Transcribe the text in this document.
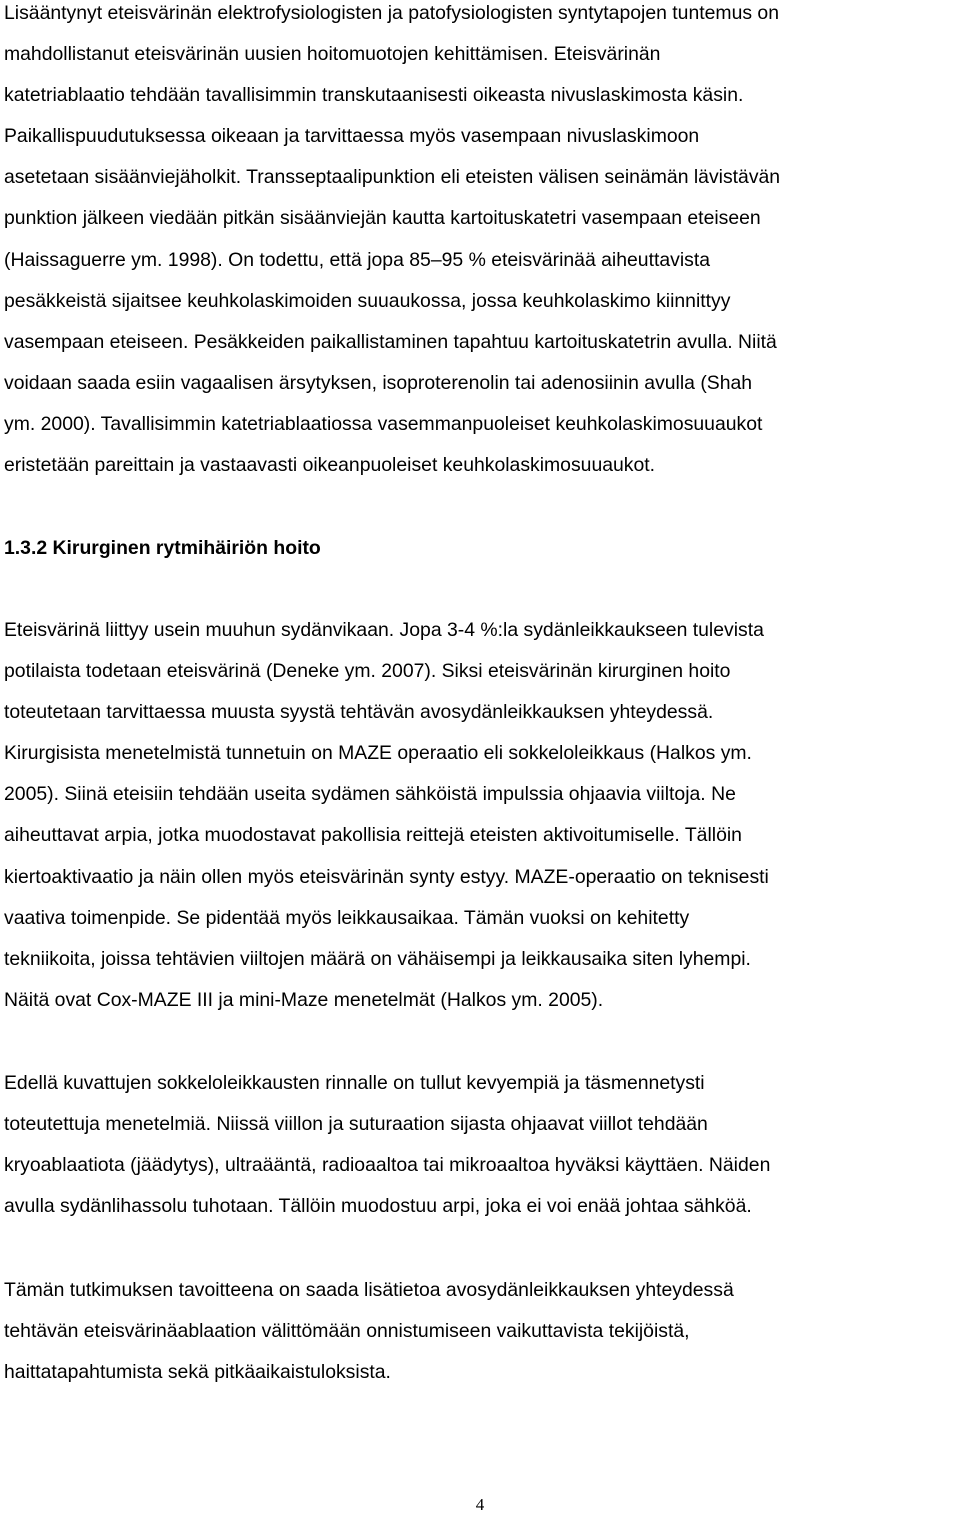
Lisääntynyt eteisvärinän elektrofysiologisten ja patofysiologisten syntytapojen tuntemus on
mahdollistanut eteisvärinän uusien hoitomuotojen kehittämisen. Eteisvärinän
katetriablaatio tehdään tavallisimmin transkutaanisesti oikeasta nivuslaskimosta käsin.
Paikallispuudutuksessa oikeaan ja tarvittaessa myös vasempaan nivuslaskimoon
asetetaan sisäänviejäholkit. Transseptaalipunktion eli eteisten välisen seinämän lävistävän
punktion jälkeen viedään pitkän sisäänviejän kautta kartoituskatetri vasempaan eteiseen
(Haissaguerre ym. 1998). On todettu, että jopa 85–95 % eteisvärinää aiheuttavista
pesäkkeistä sijaitsee keuhkolaskimoiden suuaukossa, jossa keuhkolaskimo kiinnittyy
vasempaan eteiseen. Pesäkkeiden paikallistaminen tapahtuu kartoituskatetrin avulla. Niitä
voidaan saada esiin vagaalisen ärsytyksen, isoproterenolin tai adenosiinin avulla (Shah
ym. 2000). Tavallisimmin katetriablaatiossa vasemmanpuoleiset keuhkolaskimosuuaukot
eristetään pareittain ja vastaavasti oikeanpuoleiset keuhkolaskimosuuaukot.
1.3.2 Kirurginen rytmihäiriön hoito
Eteisvärinä liittyy usein muuhun sydänvikaan. Jopa 3-4 %:la sydänleikkaukseen tulevista
potilaista todetaan eteisvärinä (Deneke ym. 2007). Siksi eteisvärinän kirurginen hoito
toteutetaan tarvittaessa muusta syystä tehtävän avosydänleikkauksen yhteydessä.
Kirurgisista menetelmistä tunnetuin on MAZE operaatio eli sokkeloleikkaus (Halkos ym.
2005). Siinä eteisiin tehdään useita sydämen sähköistä impulssia ohjaavia viiltoja. Ne
aiheuttavat arpia, jotka muodostavat pakollisia reittejä eteisten aktivoitumiselle. Tällöin
kiertoaktivaatio ja näin ollen myös eteisvärinän synty estyy. MAZE-operaatio on teknisesti
vaativa toimenpide. Se pidentää myös leikkausaikaa. Tämän vuoksi on kehitetty
tekniikoita, joissa tehtävien viiltojen määrä on vähäisempi ja leikkausaika siten lyhempi.
Näitä ovat Cox-MAZE III ja mini-Maze menetelmät (Halkos ym. 2005).
Edellä kuvattujen sokkeloleikkausten rinnalle on tullut kevyempiä ja täsmennetysti
toteutettuja menetelmiä. Niissä viillon ja suturaation sijasta ohjaavat viillot tehdään
kryoablaatiota (jäädytys), ultraääntä, radioaaltoa tai mikroaaltoa hyväksi käyttäen. Näiden
avulla sydänlihassolu tuhotaan. Tällöin muodostuu arpi, joka ei voi enää johtaa sähköä.
Tämän tutkimuksen tavoitteena on saada lisätietoa avosydänleikkauksen yhteydessä
tehtävän eteisvärinäablaation välittömään onnistumiseen vaikuttavista tekijöistä,
haittatapahtumista sekä pitkäaikaistuloksista.
4
